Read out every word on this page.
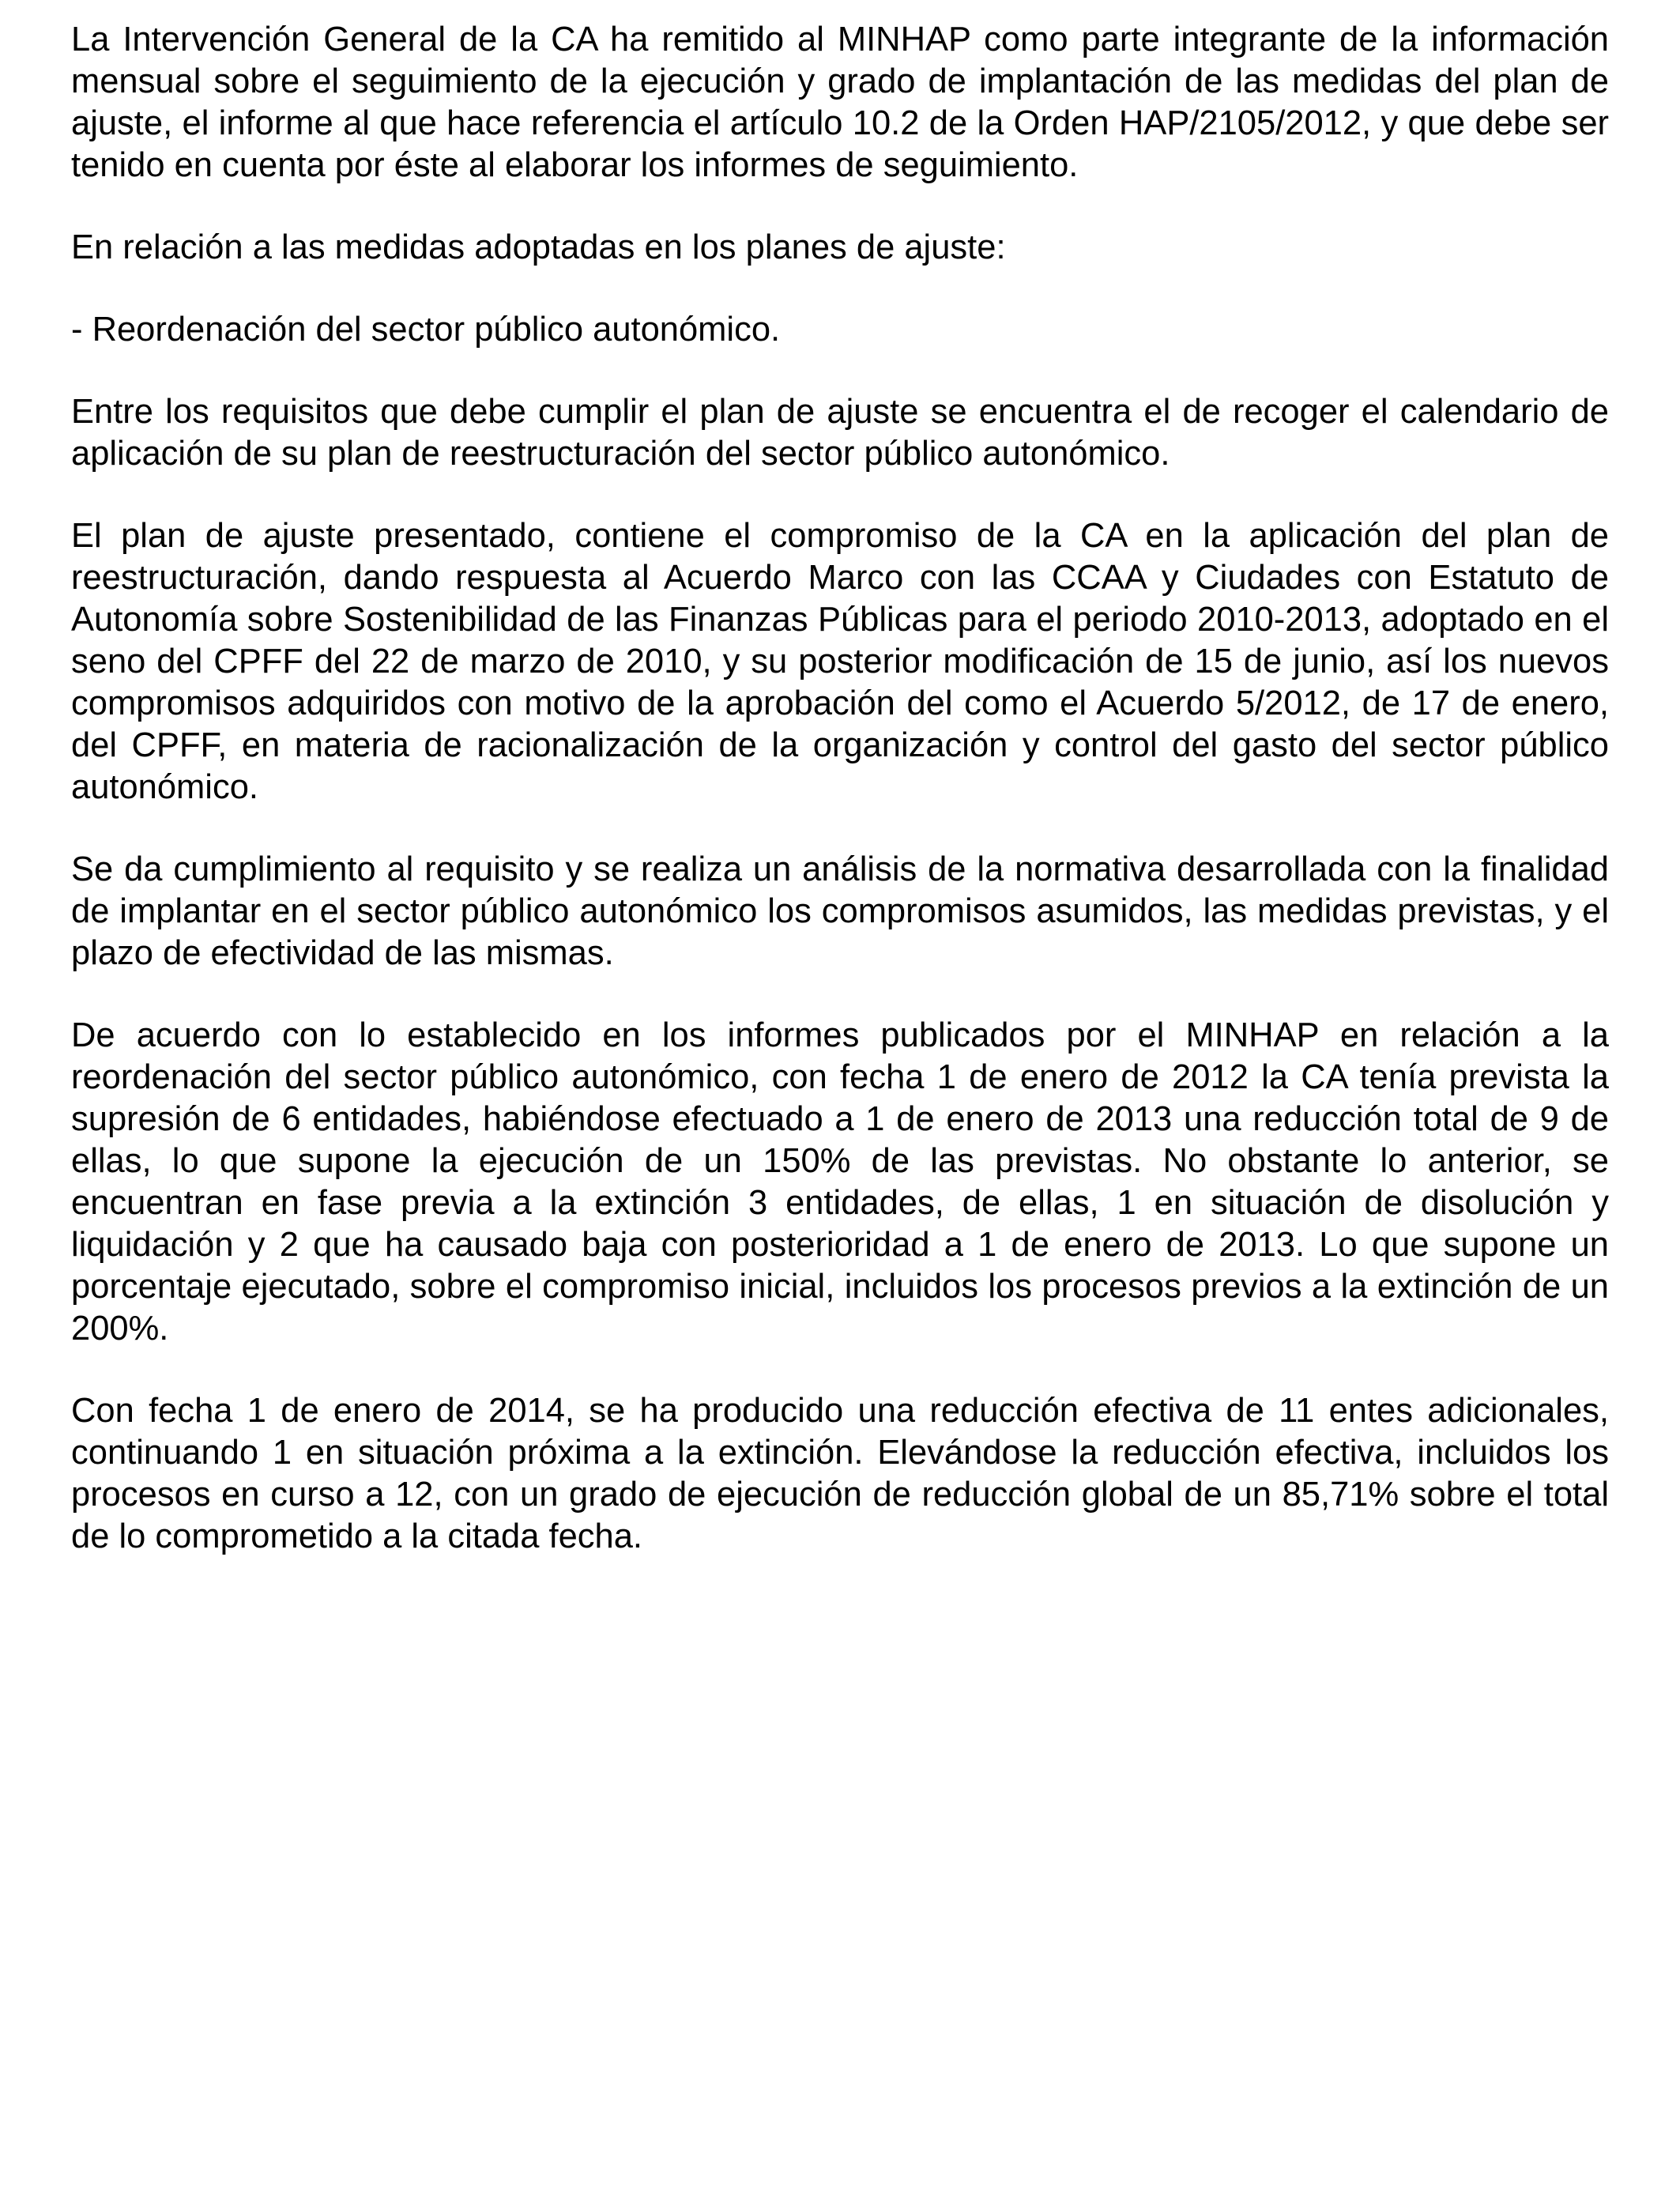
La Intervención General de la CA ha remitido al MINHAP como parte integrante de la información mensual sobre el seguimiento de la ejecución y grado de implantación de las medidas del plan de ajuste, el informe al que hace referencia el artículo 10.2 de la Orden HAP/2105/2012, y que debe ser tenido en cuenta por éste al elaborar los informes de seguimiento.

En relación a las medidas adoptadas en los planes de ajuste:

- Reordenación del sector público autonómico.

Entre los requisitos que debe cumplir el plan de ajuste se encuentra el de recoger el calendario de aplicación de su plan de reestructuración del sector público autonómico.

El plan de ajuste presentado, contiene el compromiso de la CA en la aplicación del plan de reestructuración, dando respuesta al Acuerdo Marco con las CCAA y Ciudades con Estatuto de Autonomía sobre Sostenibilidad de las Finanzas Públicas para el periodo 2010-2013, adoptado en el seno del CPFF del 22 de marzo de 2010, y su posterior modificación de 15 de junio, así los nuevos compromisos adquiridos con motivo de la aprobación del como el Acuerdo 5/2012, de 17 de enero, del CPFF, en materia de racionalización de la organización y control del gasto del sector público autonómico.

Se da cumplimiento al requisito y se realiza un análisis de la normativa desarrollada con la finalidad de implantar en el sector público autonómico los compromisos asumidos, las medidas previstas, y el plazo de efectividad de las mismas.

De acuerdo con lo establecido en los informes publicados por el MINHAP en relación a la reordenación del sector público autonómico, con fecha 1 de enero de 2012 la CA tenía prevista la supresión de 6 entidades, habiéndose efectuado a 1 de enero de 2013 una reducción total de 9 de ellas, lo que supone la ejecución de un 150% de las previstas. No obstante lo anterior, se encuentran en fase previa a la extinción 3 entidades, de ellas, 1 en situación de disolución y liquidación y 2 que ha causado baja con posterioridad a 1 de enero de 2013. Lo que supone un porcentaje ejecutado, sobre el compromiso inicial, incluidos los procesos previos a la extinción de un 200%.

Con fecha 1 de enero de 2014, se ha producido una reducción efectiva de 11 entes adicionales, continuando 1 en situación próxima a la extinción. Elevándose la reducción efectiva, incluidos los procesos en curso a 12, con un grado de ejecución de reducción global de un 85,71% sobre el total de lo comprometido a la citada fecha.
